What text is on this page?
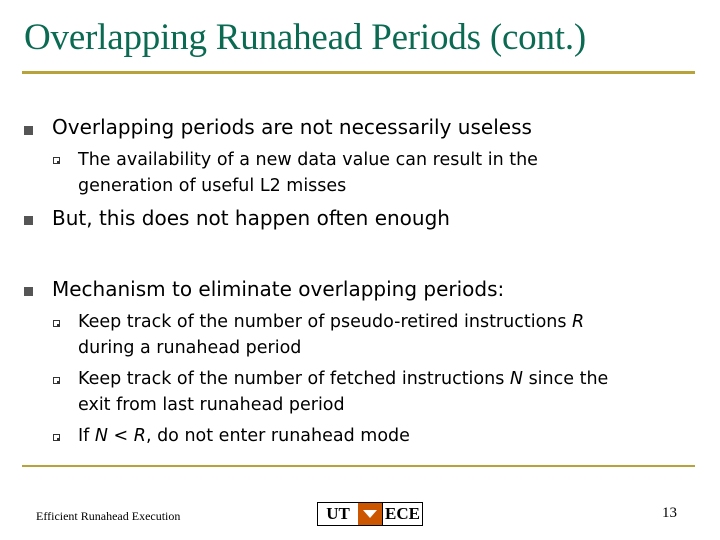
Overlapping Runahead Periods (cont.)
Overlapping periods are not necessarily useless
The availability of a new data value can result in the
generation of useful L2 misses
But, this does not happen often enough
Mechanism to eliminate overlapping periods:
Keep track of the number of pseudo-retired instructions R
during a runahead period
Keep track of the number of fetched instructions N since the
exit from last runahead period
If N < R, do not enter runahead mode
Efficient Runahead Execution	UT	ECE	13
